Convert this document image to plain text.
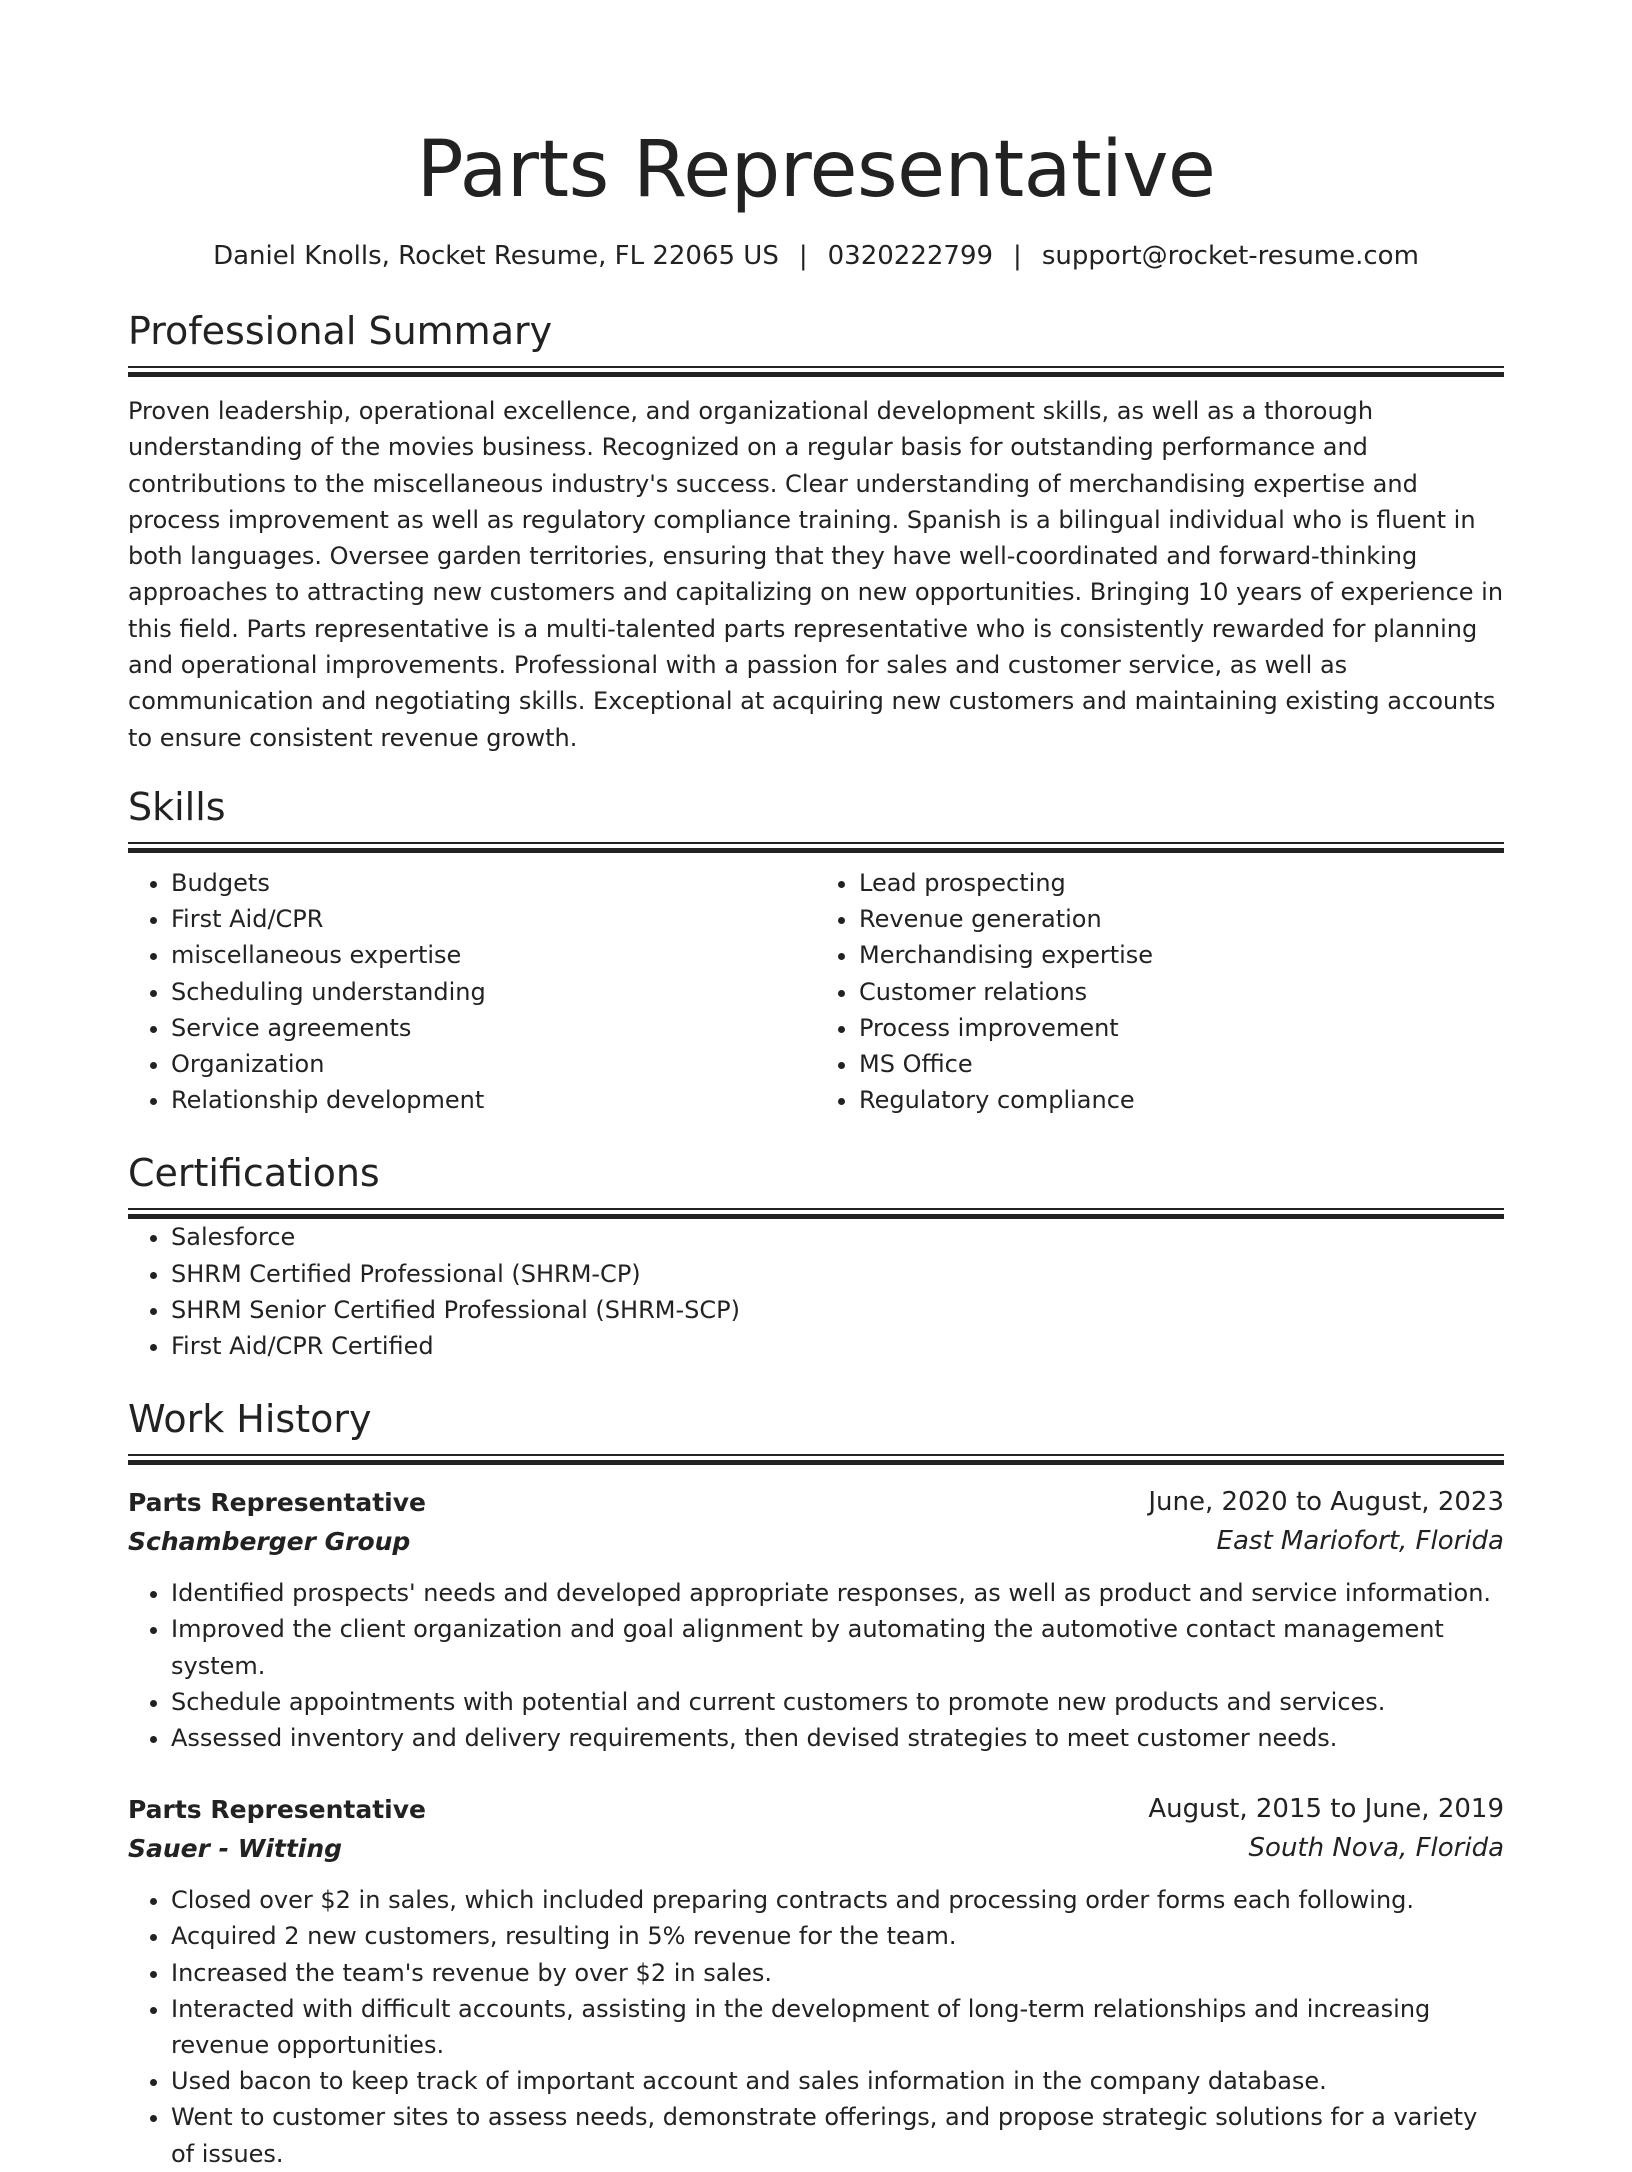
Parts Representative
Daniel Knolls, Rocket Resume, FL 22065 US | 0320222799 | support@rocket-resume.com
Professional Summary

Proven leadership, operational excellence, and organizational development skills, as well as a thorough understanding of the movies business. Recognized on a regular basis for outstanding performance and contributions to the miscellaneous industry's success. Clear understanding of merchandising expertise and process improvement as well as regulatory compliance training. Spanish is a bilingual individual who is fluent in both languages. Oversee garden territories, ensuring that they have well-coordinated and forward-thinking approaches to attracting new customers and capitalizing on new opportunities. Bringing 10 years of experience in this field. Parts representative is a multi-talented parts representative who is consistently rewarded for planning and operational improvements. Professional with a passion for sales and customer service, as well as communication and negotiating skills. Exceptional at acquiring new customers and maintaining existing accounts to ensure consistent revenue growth.

Skills
• Budgets
• First Aid/CPR
• miscellaneous expertise
• Scheduling understanding
• Service agreements
• Organization
• Relationship development
• Lead prospecting
• Revenue generation
• Merchandising expertise
• Customer relations
• Process improvement
• MS Office
• Regulatory compliance
Certifications
• Salesforce
• SHRM Certified Professional (SHRM-CP)
• SHRM Senior Certified Professional (SHRM-SCP)
• First Aid/CPR Certified
Work History
Parts Representative	June, 2020 to August, 2023
Schamberger Group	East Mariofort, Florida
• Identified prospects' needs and developed appropriate responses, as well as product and service information.
• Improved the client organization and goal alignment by automating the automotive contact management system.
• Schedule appointments with potential and current customers to promote new products and services.
• Assessed inventory and delivery requirements, then devised strategies to meet customer needs.
Parts Representative	August, 2015 to June, 2019
Sauer - Witting	South Nova, Florida
• Closed over $2 in sales, which included preparing contracts and processing order forms each following.
• Acquired 2 new customers, resulting in 5% revenue for the team.
• Increased the team's revenue by over $2 in sales.
• Interacted with difficult accounts, assisting in the development of long-term relationships and increasing revenue opportunities.
• Used bacon to keep track of important account and sales information in the company database.
• Went to customer sites to assess needs, demonstrate offerings, and propose strategic solutions for a variety of issues.
